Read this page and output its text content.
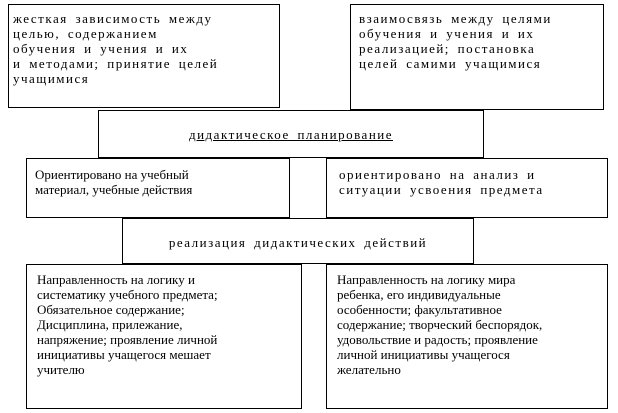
жесткая зависимость между
целью, содержанием
обучения и учения и их
и методами; принятие целей
учащимися
взаимосвязь между целями
обучения и учения и их
реализацией; постановка
целей самими учащимися
дидактическое планирование
Ориентировано на учебный
материал, учебные действия
ориентировано на анализ и
ситуации усвоения предмета
реализация дидактических действий
Направленность на логику и
систематику учебного предмета;
Обязательное содержание;
Дисциплина, прилежание,
напряжение; проявление личной
инициативы учащегося мешает
учителю
Направленность на логику мира
ребенка, его индивидуальные
особенности; факультативное
содержание; творческий беспорядок,
удовольствие и радость; проявление
личной инициативы учащегося
желательно
